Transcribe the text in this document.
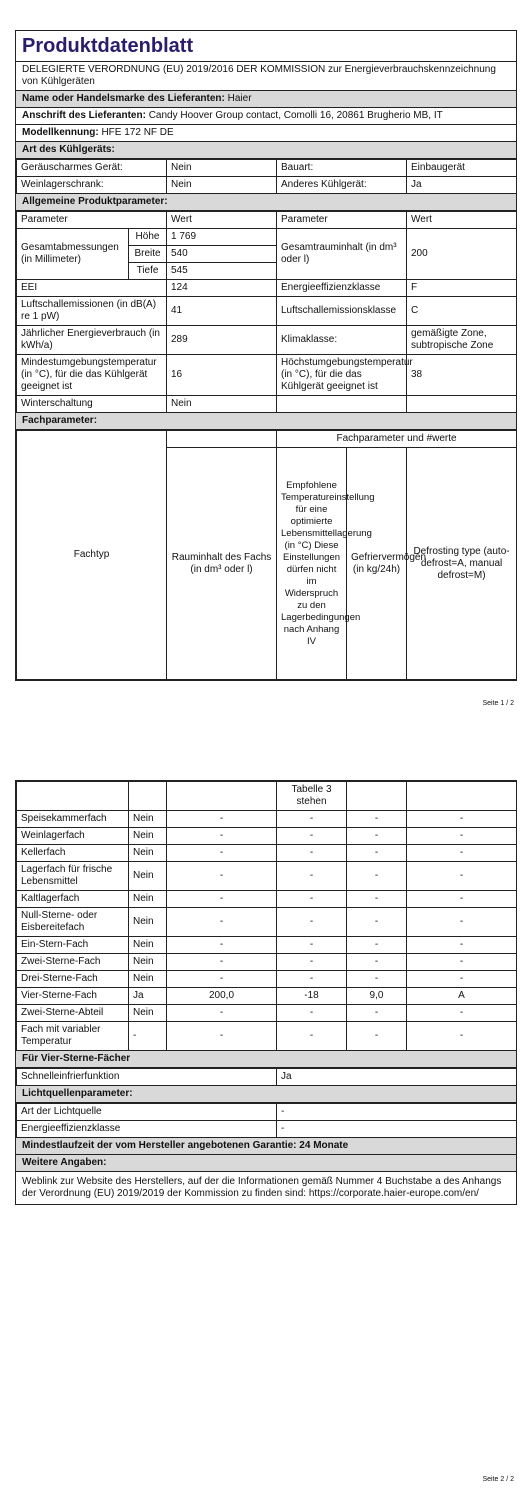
Produktdatenblatt
DELEGIERTE VERORDNUNG (EU) 2019/2016 DER KOMMISSION zur Energieverbrauchskennzeichnung von Kühlgeräten
Name oder Handelsmarke des Lieferanten: Haier
Anschrift des Lieferanten: Candy Hoover Group contact, Comolli 16, 20861 Brugherio MB, IT
Modellkennung: HFE 172 NF DE
Art des Kühlgeräts:
Geräuscharmes Gerät:	Nein	Bauart:	Einbaugerät
Weinlagerschrank:	Nein	Anderes Kühlgerät:	Ja
Allgemeine Produktparameter:
Parameter		Wert	Parameter	Wert
Gesamtabmessungen (in Millimeter)	Höhe	1 769	Gesamtrauminhalt (in dm³ oder l)	200
	Breite	540		
	Tiefe	545		
EEI		124	Energieeffizienzklasse	F
Luftschallemissionen (in dB(A) re 1 pW)		41	Luftschallemissionsklasse	C
Jährlicher Energieverbrauch (in kWh/a)		289	Klimaklasse:	gemäßigte Zone, subtropische Zone
Mindestumgebungstemperatur (in °C), für die das Kühlgerät geeignet ist		16	Höchstumgebungstemperatur (in °C), für die das Kühlgerät geeignet ist	38
Winterschaltung		Nein		
Fachparameter:
Fachtyp		Fachparameter und #werte		
	Rauminhalt des Fachs (in dm³ oder l)	Empfohlene Temperatureinstellung für eine optimierte Lebensmittellagerung (in °C) Diese Einstellungen dürfen nicht im Widerspruch zu den Lagerbedingungen nach Anhang IV	Gefriervermögen (in kg/24h)	Defrosting type (auto-defrost=A, manual defrost=M)
Seite 1 / 2
			Tabelle 3 stehen		
Speisekammerfach	Nein	-	-	-	-
Weinlagerfach	Nein	-	-	-	-
Kellerfach	Nein	-	-	-	-
Lagerfach für frische Lebensmittel	Nein	-	-	-	-
Kaltlagerfach	Nein	-	-	-	-
Null-Sterne- oder Eisbereitefach	Nein	-	-	-	-
Ein-Stern-Fach	Nein	-	-	-	-
Zwei-Sterne-Fach	Nein	-	-	-	-
Drei-Sterne-Fach	Nein	-	-	-	-
Vier-Sterne-Fach	Ja	200,0	-18	9,0	A
Zwei-Sterne-Abteil	Nein	-	-	-	-
Fach mit variabler Temperatur	-	-	-	-	-
Für Vier-Sterne-Fächer
Schnelleinfrierfunktion	Ja
Lichtquellenparameter:
Art der Lichtquelle	-
Energieeffizienzklasse	-
Mindestlaufzeit der vom Hersteller angebotenen Garantie: 24 Monate
Weitere Angaben:
Weblink zur Website des Herstellers, auf der die Informationen gemäß Nummer 4 Buchstabe a des Anhangs der Verordnung (EU) 2019/2019 der Kommission zu finden sind: https://corporate.haier-europe.com/en/
Seite 2 / 2
